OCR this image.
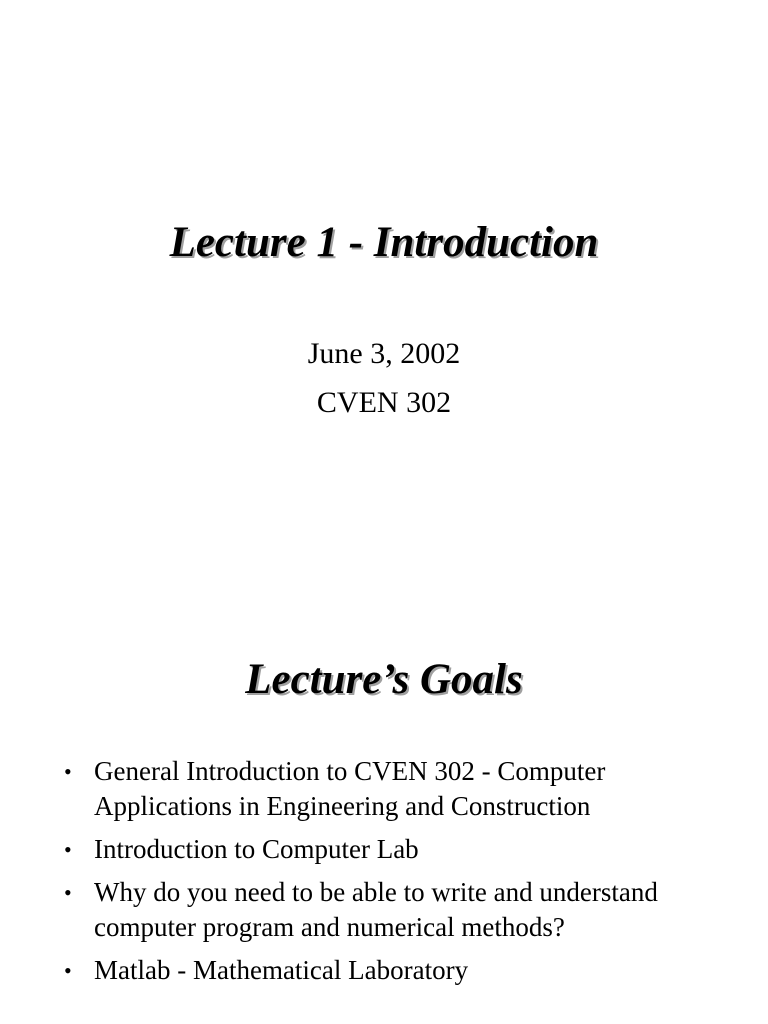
Lecture 1 - Introduction

June 3, 2002

CVEN 302

Lecture’s Goals
• General Introduction to CVEN 302 - Computer Applications in Engineering and Construction
• Introduction to Computer Lab
• Why do you need to be able to write and understand computer program and numerical methods?
• Matlab - Mathematical Laboratory
